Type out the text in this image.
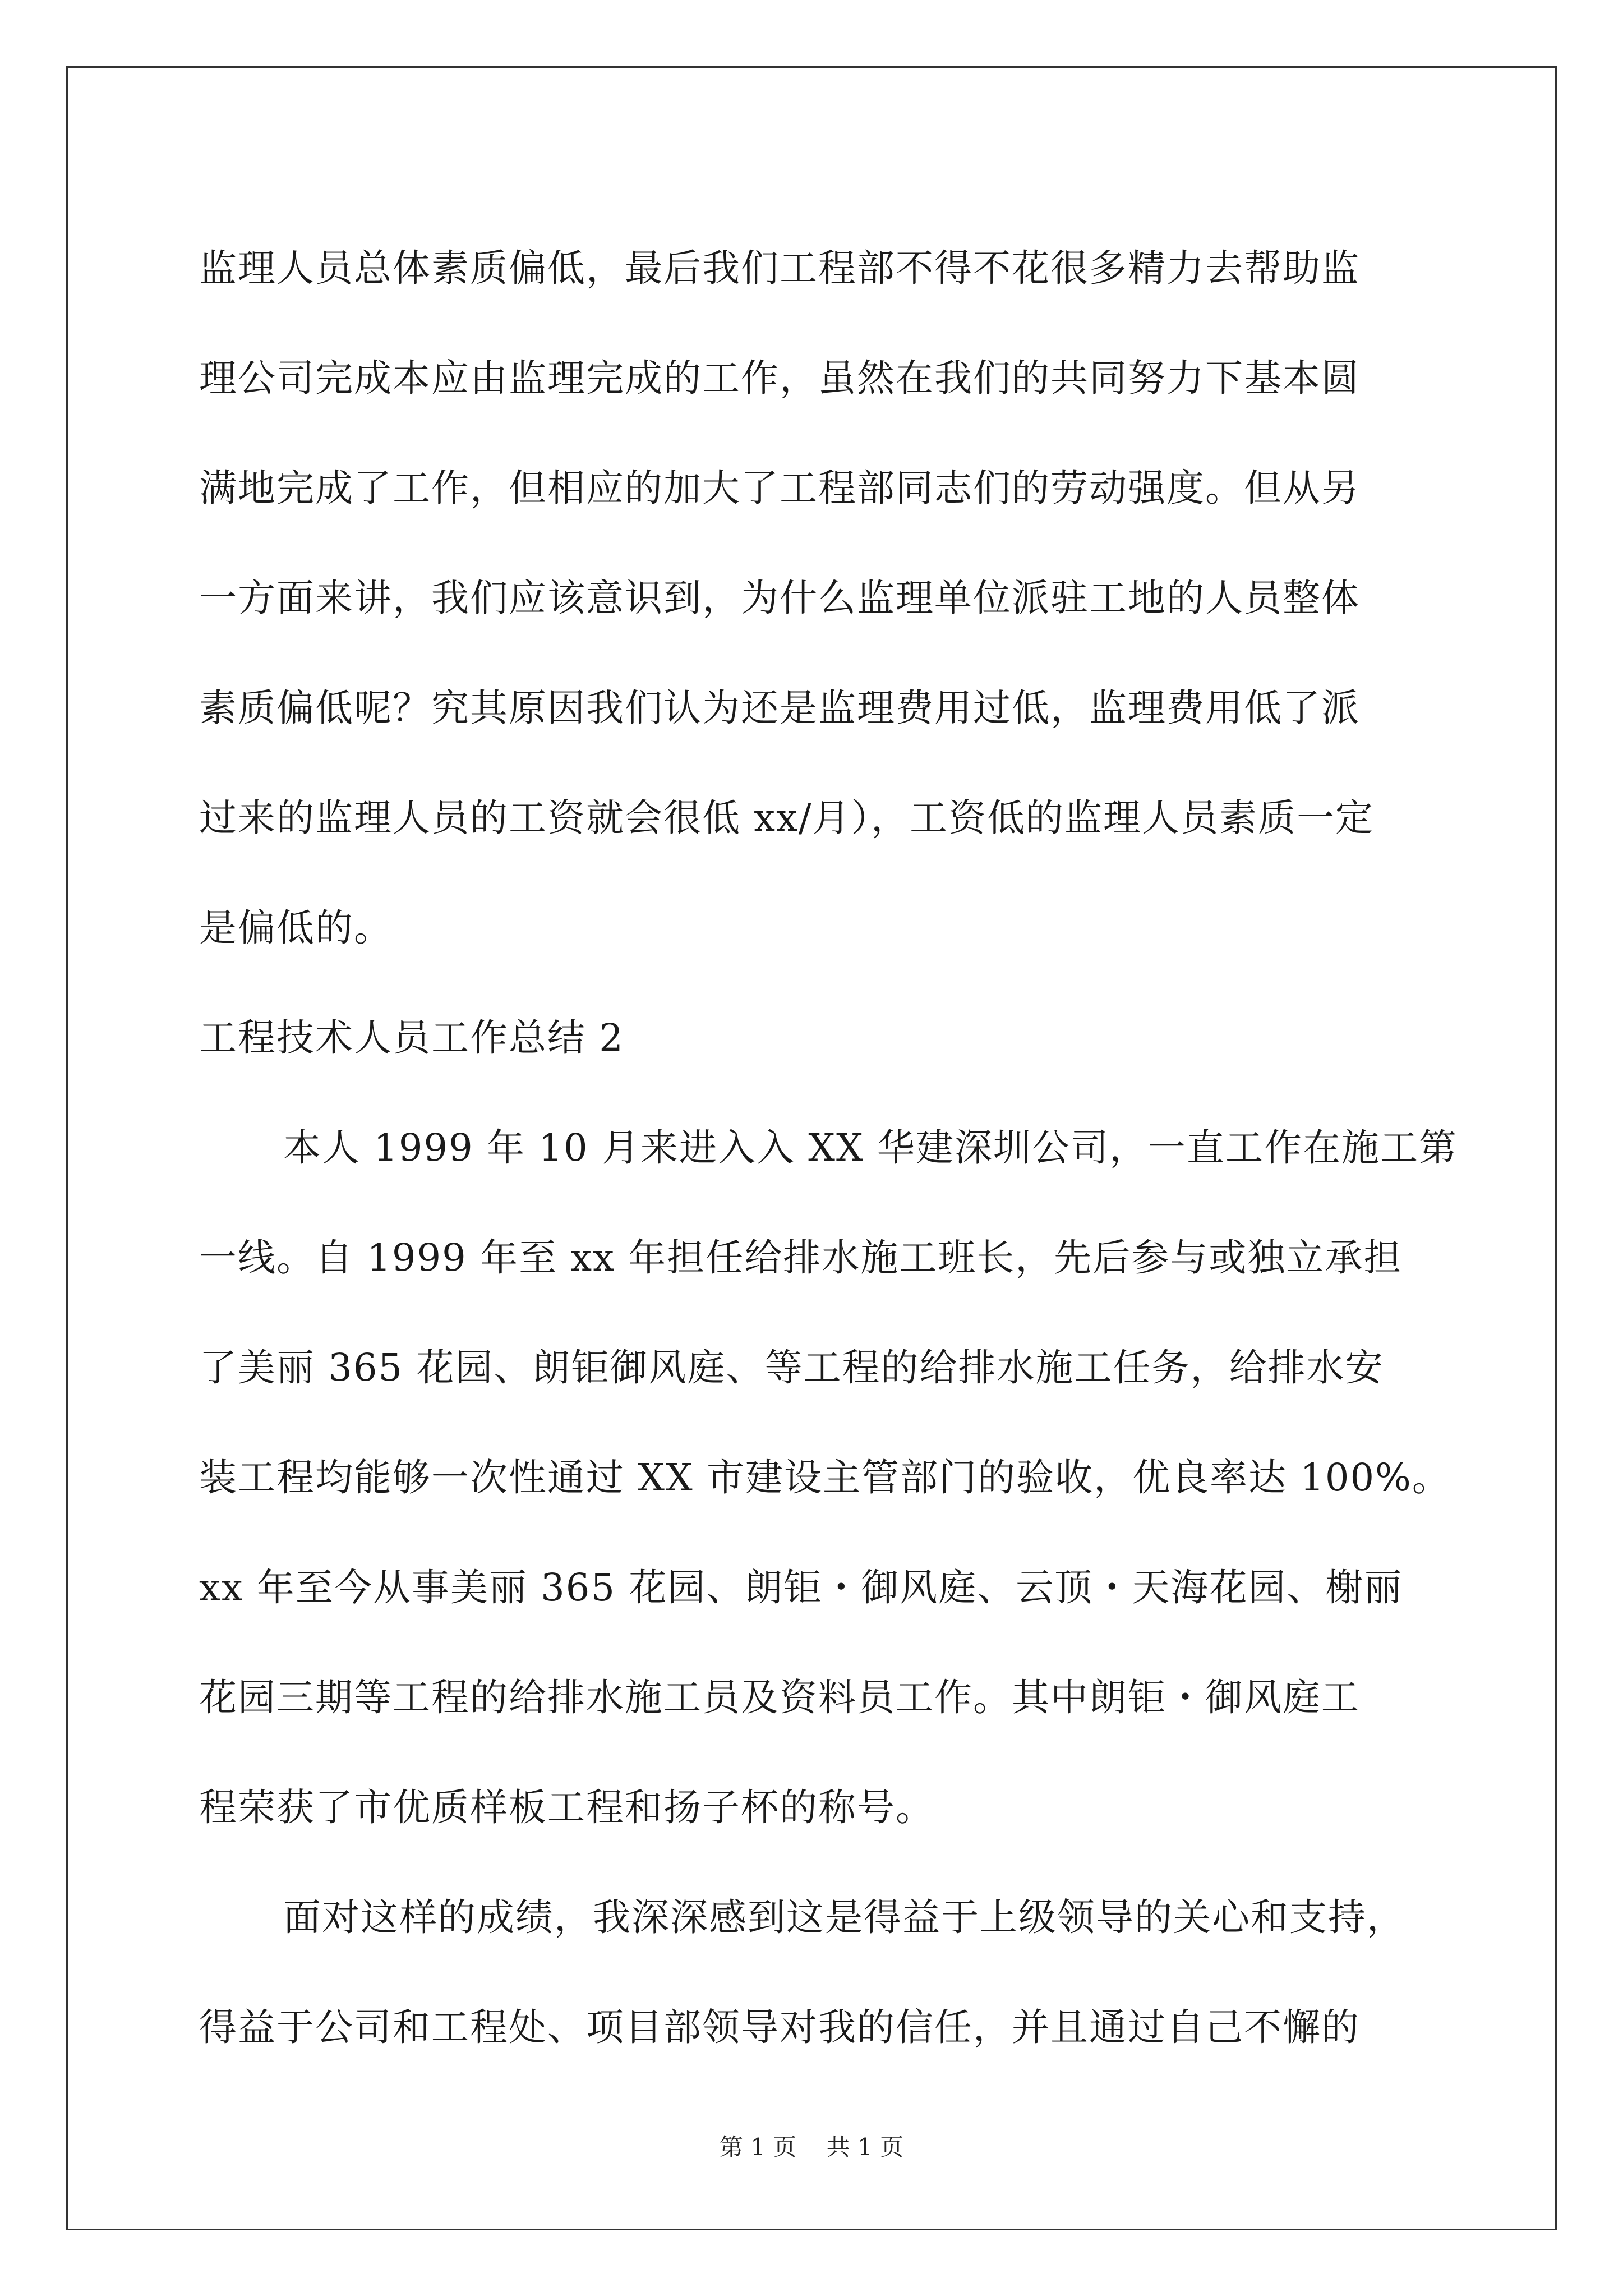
监理人员总体素质偏低，最后我们工程部不得不花很多精力去帮助监
理公司完成本应由监理完成的工作，虽然在我们的共同努力下基本圆
满地完成了工作，但相应的加大了工程部同志们的劳动强度。但从另
一方面来讲，我们应该意识到，为什么监理单位派驻工地的人员整体
素质偏低呢？究其原因我们认为还是监理费用过低，监理费用低了派
过来的监理人员的工资就会很低 xx/月），工资低的监理人员素质一定
是偏低的。
工程技术人员工作总结 2
本人 1999 年 10 月来进入入 XX 华建深圳公司，一直工作在施工第
一线。自 1999 年至 xx 年担任给排水施工班长，先后参与或独立承担
了美丽 365 花园、朗钜御风庭、等工程的给排水施工任务，给排水安
装工程均能够一次性通过 XX 市建设主管部门的验收，优良率达 100%。
xx 年至今从事美丽 365 花园、朗钜・御风庭、云顶・天海花园、榭丽
花园三期等工程的给排水施工员及资料员工作。其中朗钜・御风庭工
程荣获了市优质样板工程和扬子杯的称号。
面对这样的成绩，我深深感到这是得益于上级领导的关心和支持，
得益于公司和工程处、项目部领导对我的信任，并且通过自己不懈的
第 1 页    共 1 页
